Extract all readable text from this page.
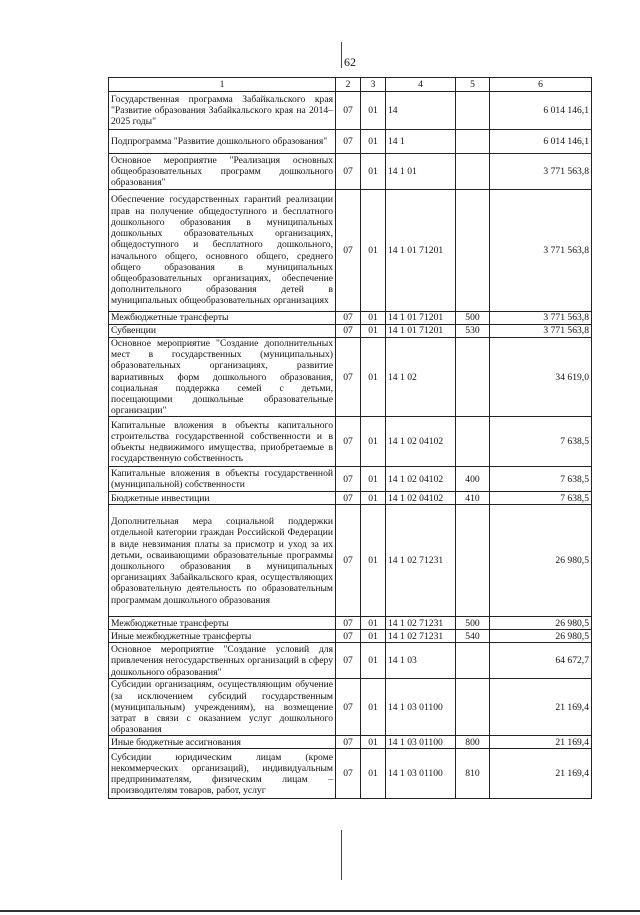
62
1	2	3	4	5	6
Государственная программа Забайкальского края "Развитие образования Забайкальского края на 2014–2025 годы"	07	01	14		6 014 146,1
Подпрограмма "Развитие дошкольного образования"	07	01	14 1		6 014 146,1
Основное мероприятие "Реализация основных общеобразовательных программ дошкольного образования"	07	01	14 1 01		3 771 563,8
Обеспечение государственных гарантий реализации прав на получение общедоступного и бесплатного дошкольного образования в муниципальных дошкольных образовательных организациях, общедоступного и бесплатного дошкольного, начального общего, основного общего, среднего общего образования в муниципальных общеобразовательных организациях, обеспечение дополнительного образования детей в муниципальных общеобразовательных организациях	07	01	14 1 01 71201		3 771 563,8
Межбюджетные трансферты	07	01	14 1 01 71201	500	3 771 563,8
Субвенции	07	01	14 1 01 71201	530	3 771 563,8
Основное мероприятие "Создание дополнительных мест в государственных (муниципальных) образовательных организациях, развитие вариативных форм дошкольного образования, социальная поддержка семей с детьми, посещающими дошкольные образовательные организации"	07	01	14 1 02		34 619,0
Капитальные вложения в объекты капитального строительства государственной собственности и в объекты недвижимого имущества, приобретаемые в государственную собственность	07	01	14 1 02 04102		7 638,5
Капитальные вложения в объекты государственной (муниципальной) собственности	07	01	14 1 02 04102	400	7 638,5
Бюджетные инвестиции	07	01	14 1 02 04102	410	7 638,5
Дополнительная мера социальной поддержки отдельной категории граждан Российской Федерации в виде невзимания платы за присмотр и уход за их детьми, осваивающими образовательные программы дошкольного образования в муниципальных организациях Забайкальского края, осуществляющих образовательную деятельность по образовательным программам дошкольного образования	07	01	14 1 02 71231		26 980,5
Межбюджетные трансферты	07	01	14 1 02 71231	500	26 980,5
Иные межбюджетные трансферты	07	01	14 1 02 71231	540	26 980,5
Основное мероприятие "Создание условий для привлечения негосударственных организаций в сферу дошкольного образования"	07	01	14 1 03		64 672,7
Субсидии организациям, осуществляющим обучение (за исключением субсидий государственным (муниципальным) учреждениям), на возмещение затрат в связи с оказанием услуг дошкольного образования	07	01	14 1 03 01100		21 169,4
Иные бюджетные ассигнования	07	01	14 1 03 01100	800	21 169,4
Субсидии юридическим лицам (кроме некоммерческих организаций), индивидуальным предпринимателям, физическим лицам – производителям товаров, работ, услуг	07	01	14 1 03 01100	810	21 169,4
